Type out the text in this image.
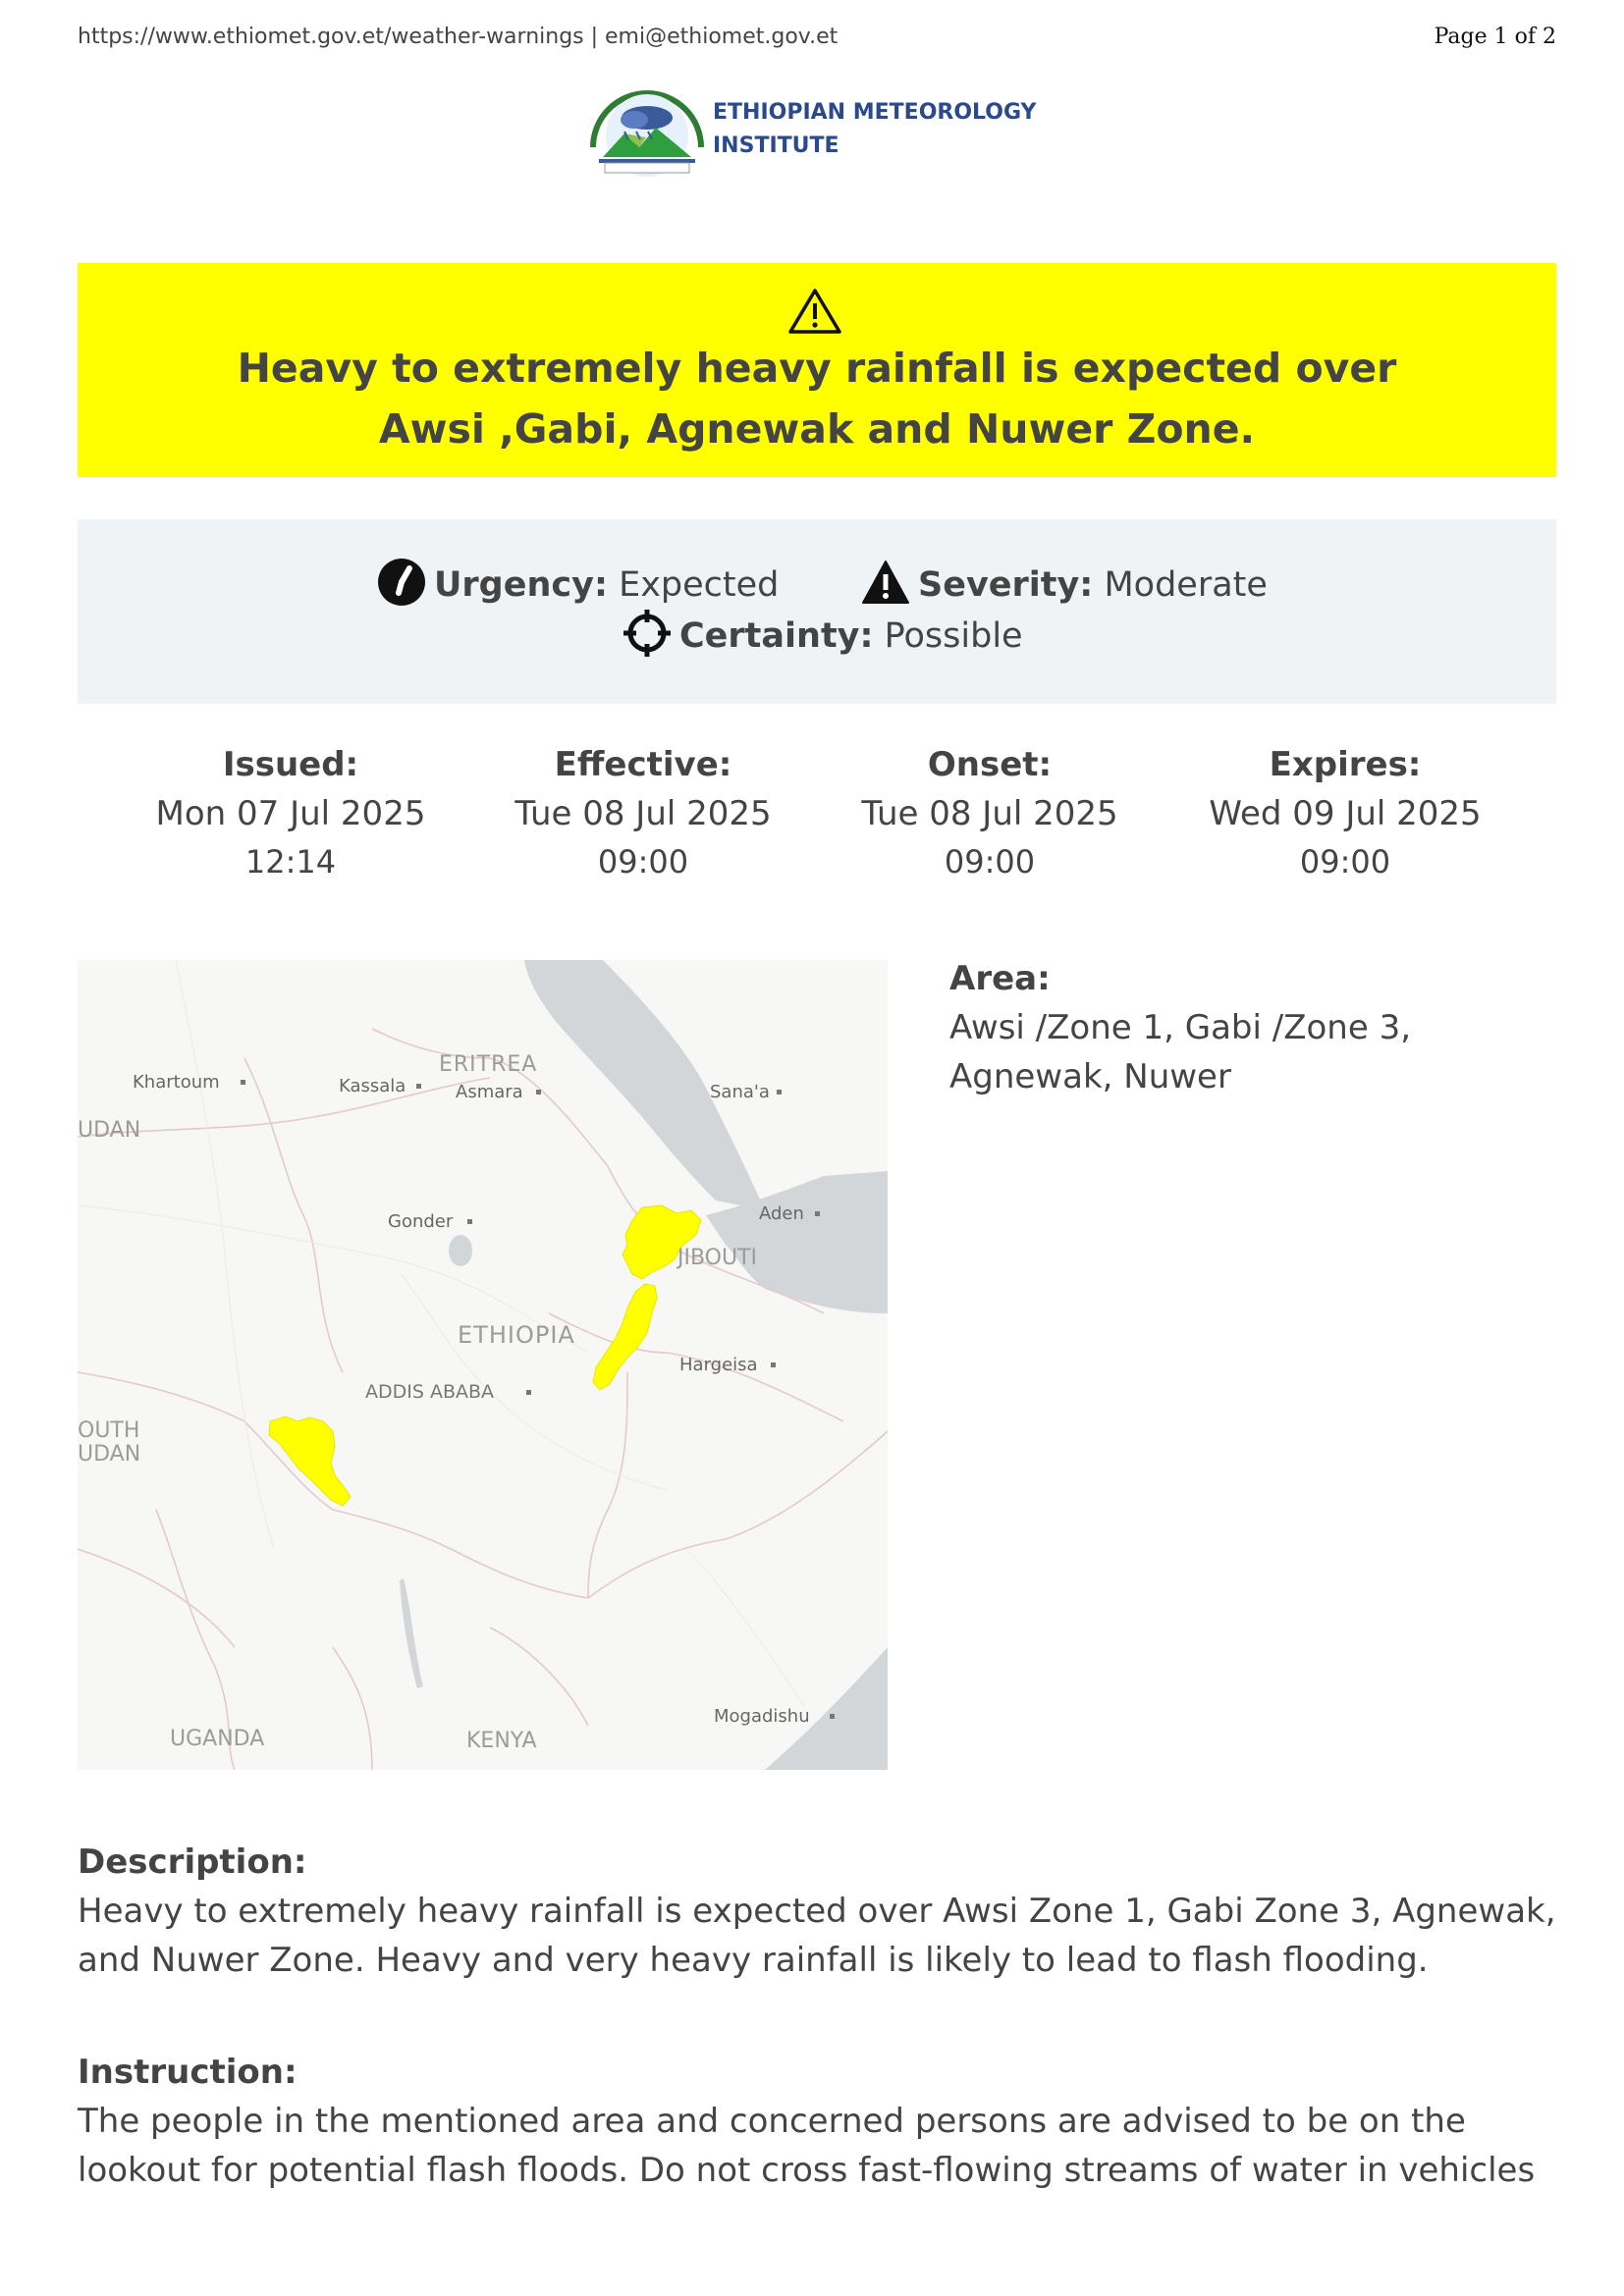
https://www.ethiomet.gov.et/weather-warnings | emi@ethiomet.gov.et	Page 1 of 2
ETHIOPIAN METEOROLOGY
INSTITUTE
Heavy to extremely heavy rainfall is expected over
Awsi ,Gabi, Agnewak and Nuwer Zone.
Urgency: Expected	Severity: Moderate
Certainty: Possible
Issued:
Mon 07 Jul 2025
12:14
Effective:
Tue 08 Jul 2025
09:00
Onset:
Tue 08 Jul 2025
09:00
Expires:
Wed 09 Jul 2025
09:00
ERITREA
Khartoum	Kassala	Asmara	Sana'a
UDAN
Aden
Gonder
JIBOUTI
ETHIOPIA
Hargeisa
ADDIS ABABA
OUTH
UDAN
UGANDA	KENYA
Mogadishu
Area:
Awsi /Zone 1, Gabi /Zone 3,
Agnewak, Nuwer
Description:
Heavy to extremely heavy rainfall is expected over Awsi Zone 1, Gabi Zone 3, Agnewak,
and Nuwer Zone. Heavy and very heavy rainfall is likely to lead to flash flooding.
Instruction:
The people in the mentioned area and concerned persons are advised to be on the
lookout for potential flash floods. Do not cross fast-flowing streams of water in vehicles
